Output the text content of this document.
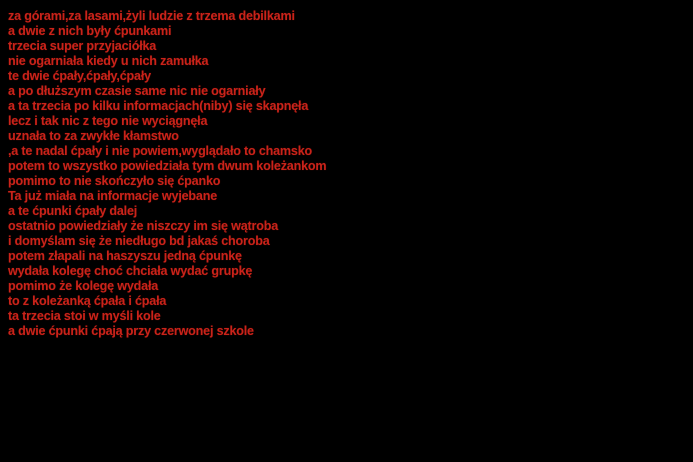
za górami,za lasami,żyli ludzie z trzema debilkami
a dwie z nich były ćpunkami
trzecia super przyjaciółka
nie ogarniała kiedy u nich zamułka
te dwie ćpały,ćpały,ćpały
a po dłuższym czasie same nic nie ogarniały
a ta trzecia po kilku informacjach(niby) się skapnęła
lecz i tak nic z tego nie wyciągnęła
uznała to za zwykłe kłamstwo
,a te nadal ćpały i nie powiem,wyglądało to chamsko
potem to wszystko powiedziała tym dwum koleżankom
pomimo to nie skończyło się ćpanko
Ta już miała na informacje wyjebane
a te ćpunki ćpały dalej
ostatnio powiedziały że niszczy im się wątroba
i domyślam się że niedługo bd jakaś choroba
potem złapali na haszyszu jedną ćpunkę
wydała kolegę choć chciała wydać grupkę
pomimo że kolegę wydała
to z koleżanką ćpała i ćpała
ta trzecia stoi w myśli kole
a dwie ćpunki ćpają przy czerwonej szkole
